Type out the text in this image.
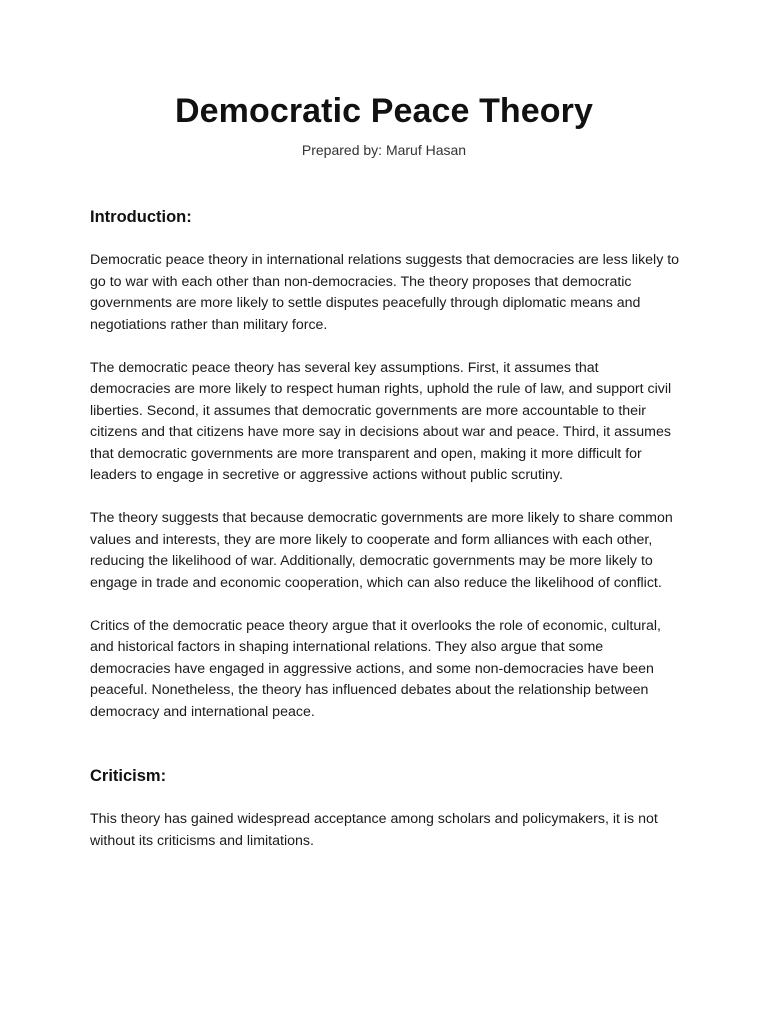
Democratic Peace Theory

Prepared by: Maruf Hasan

Introduction:

Democratic peace theory in international relations suggests that democracies are less likely to go to war with each other than non-democracies. The theory proposes that democratic governments are more likely to settle disputes peacefully through diplomatic means and negotiations rather than military force.

The democratic peace theory has several key assumptions. First, it assumes that democracies are more likely to respect human rights, uphold the rule of law, and support civil liberties. Second, it assumes that democratic governments are more accountable to their citizens and that citizens have more say in decisions about war and peace. Third, it assumes that democratic governments are more transparent and open, making it more difficult for leaders to engage in secretive or aggressive actions without public scrutiny.

The theory suggests that because democratic governments are more likely to share common values and interests, they are more likely to cooperate and form alliances with each other, reducing the likelihood of war. Additionally, democratic governments may be more likely to engage in trade and economic cooperation, which can also reduce the likelihood of conflict.

Critics of the democratic peace theory argue that it overlooks the role of economic, cultural, and historical factors in shaping international relations. They also argue that some democracies have engaged in aggressive actions, and some non-democracies have been peaceful. Nonetheless, the theory has influenced debates about the relationship between democracy and international peace.

Criticism:

This theory has gained widespread acceptance among scholars and policymakers, it is not without its criticisms and limitations.
